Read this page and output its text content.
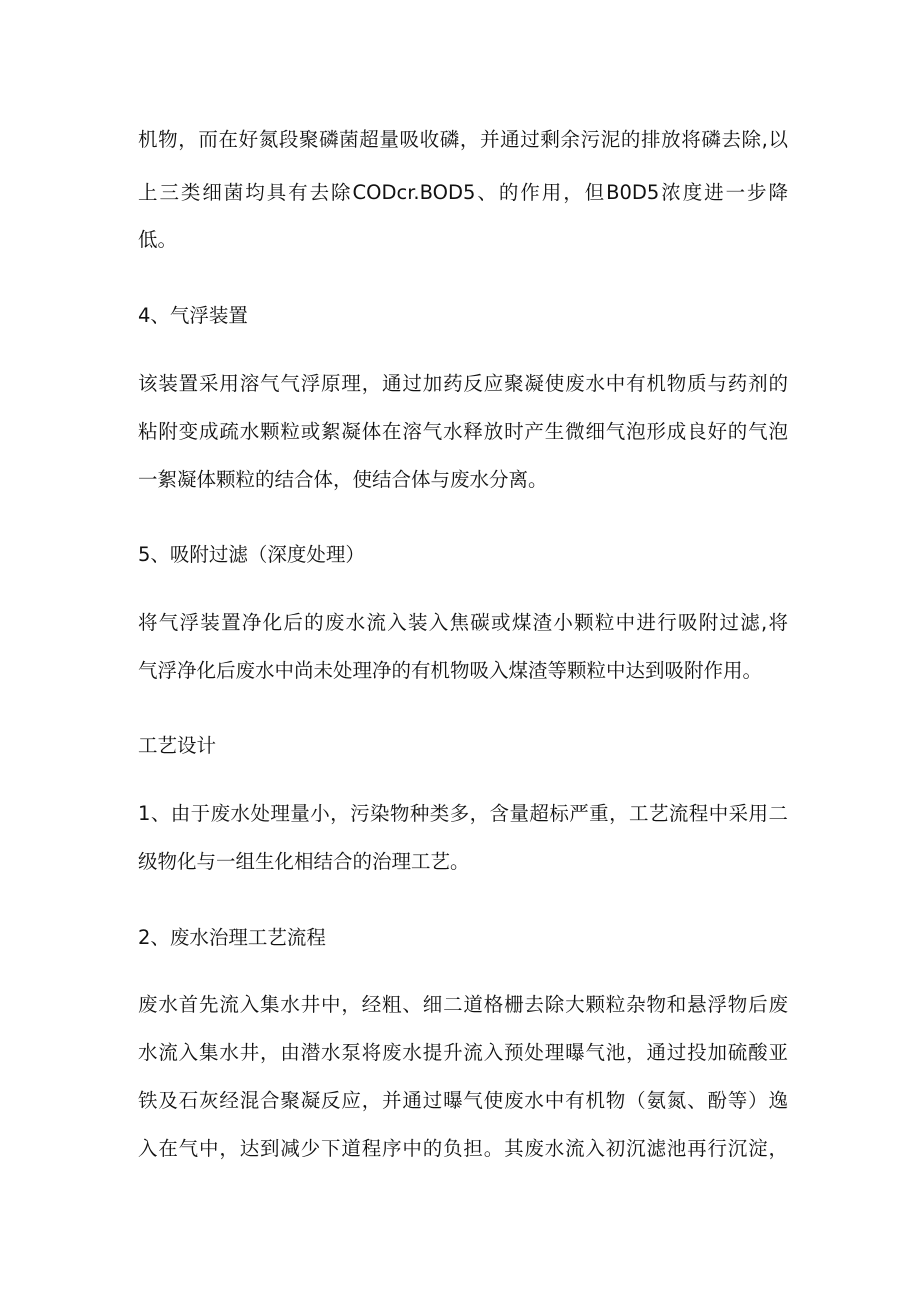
机物，而在好氮段聚磷菌超量吸收磷，并通过剩余污泥的排放将磷去除,以
上三类细菌均具有去除CODcr.BOD5、的作用，但B0D5浓度进一步降
低。
4、气浮装置
该装置采用溶气气浮原理，通过加药反应聚凝使废水中有机物质与药剂的
粘附变成疏水颗粒或絮凝体在溶气水释放时产生微细气泡形成良好的气泡
一絮凝体颗粒的结合体，使结合体与废水分离。
5、吸附过滤（深度处理）
将气浮装置净化后的废水流入装入焦碳或煤渣小颗粒中进行吸附过滤,将
气浮净化后废水中尚未处理净的有机物吸入煤渣等颗粒中达到吸附作用。
工艺设计
1、由于废水处理量小，污染物种类多，含量超标严重，工艺流程中采用二
级物化与一组生化相结合的治理工艺。
2、废水治理工艺流程
废水首先流入集水井中，经粗、细二道格栅去除大颗粒杂物和悬浮物后废
水流入集水井，由潜水泵将废水提升流入预处理曝气池，通过投加硫酸亚
铁及石灰经混合聚凝反应，并通过曝气使废水中有机物（氨氮、酚等）逸
入在气中，达到减少下道程序中的负担。其废水流入初沉滤池再行沉淀，
